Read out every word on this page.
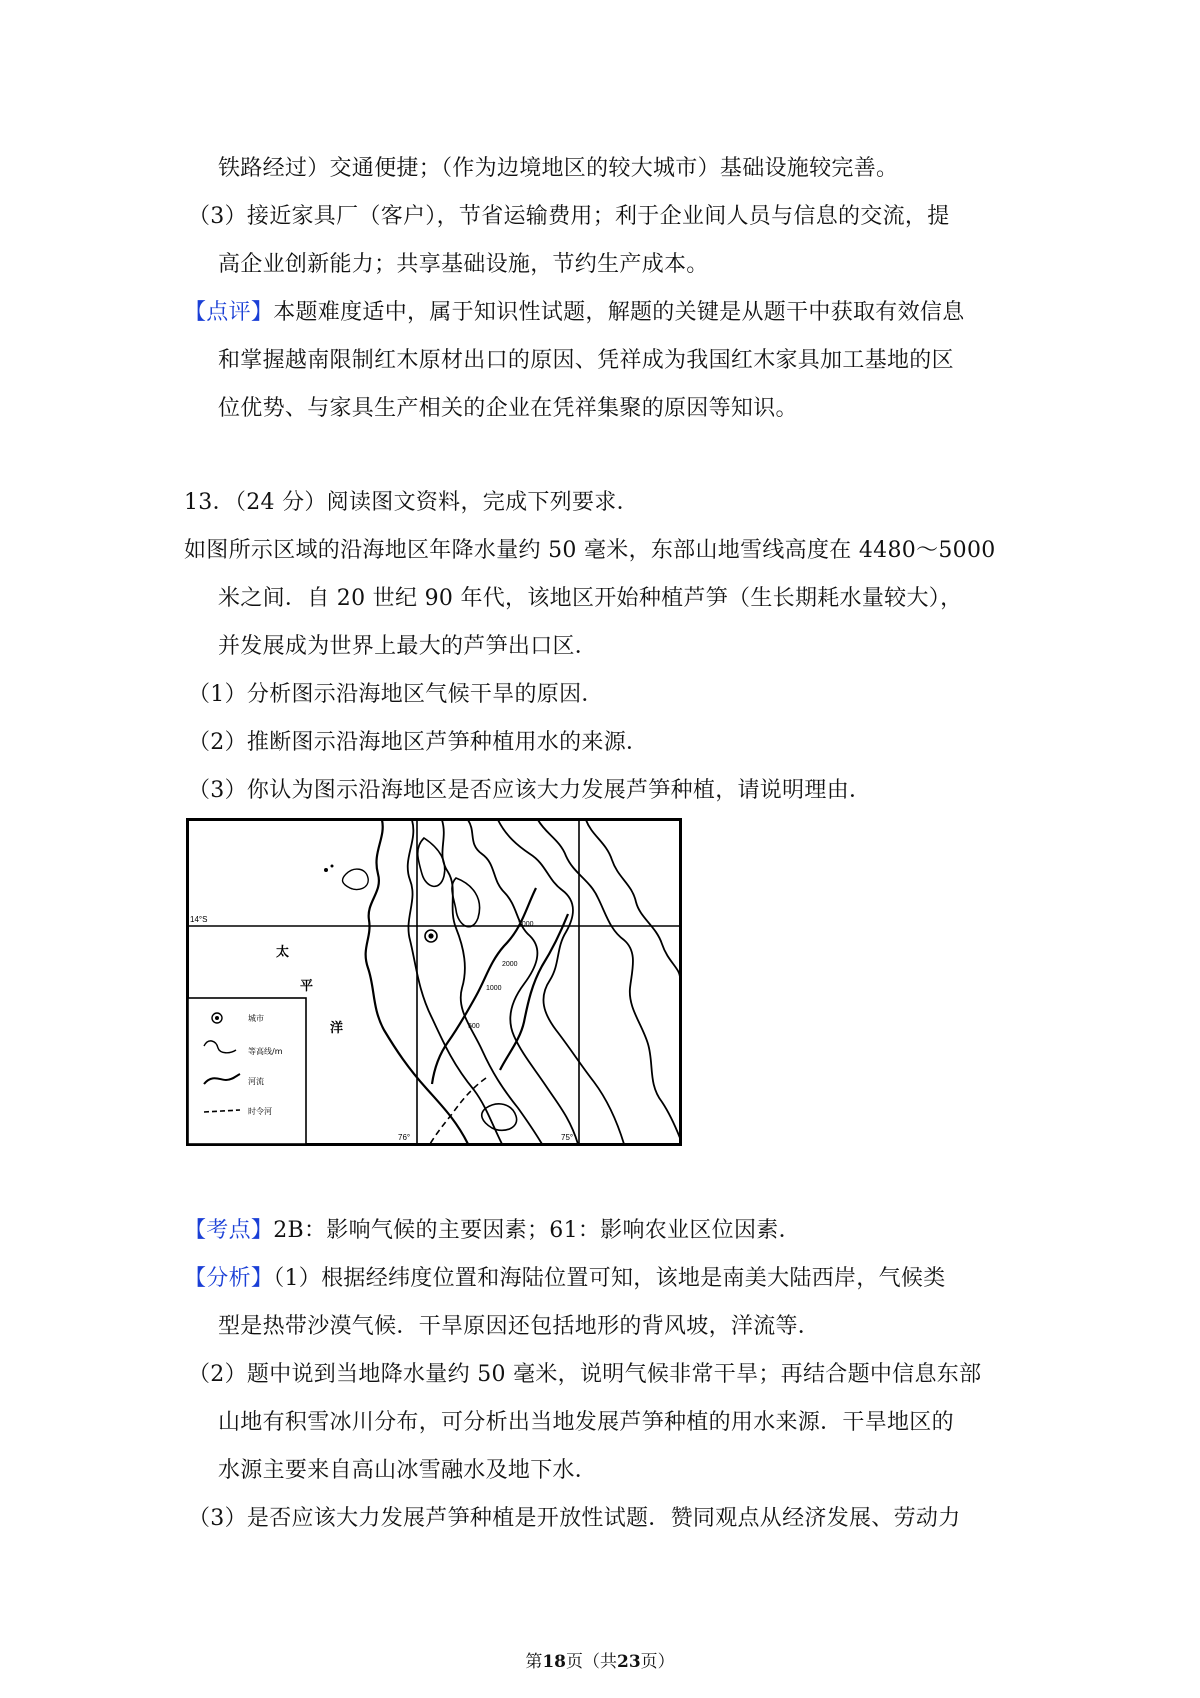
铁路经过）交通便捷；（作为边境地区的较大城市）基础设施较完善。
（3）接近家具厂（客户），节省运输费用；利于企业间人员与信息的交流，提
高企业创新能力；共享基础设施，节约生产成本。
【点评】本题难度适中，属于知识性试题，解题的关键是从题干中获取有效信息
和掌握越南限制红木原材出口的原因、凭祥成为我国红木家具加工基地的区
位优势、与家具生产相关的企业在凭祥集聚的原因等知识。
13．（24 分）阅读图文资料，完成下列要求．
如图所示区域的沿海地区年降水量约 50 毫米，东部山地雪线高度在 4480～5000
米之间．自 20 世纪 90 年代，该地区开始种植芦笋（生长期耗水量较大），
并发展成为世界上最大的芦笋出口区．
（1）分析图示沿海地区气候干旱的原因．
（2）推断图示沿海地区芦笋种植用水的来源．
（3）你认为图示沿海地区是否应该大力发展芦笋种植，请说明理由．
14°S
76°	75°
3000
2000
1000
500
太
平
洋
城市
等高线/m
河流
时令河
【考点】2B：影响气候的主要因素；61：影响农业区位因素．
【分析】（1）根据经纬度位置和海陆位置可知，该地是南美大陆西岸，气候类
型是热带沙漠气候．干旱原因还包括地形的背风坡，洋流等．
（2）题中说到当地降水量约 50 毫米，说明气候非常干旱；再结合题中信息东部
山地有积雪冰川分布，可分析出当地发展芦笋种植的用水来源．干旱地区的
水源主要来自高山冰雪融水及地下水．
（3）是否应该大力发展芦笋种植是开放性试题．赞同观点从经济发展、劳动力
第18页（共23页）
